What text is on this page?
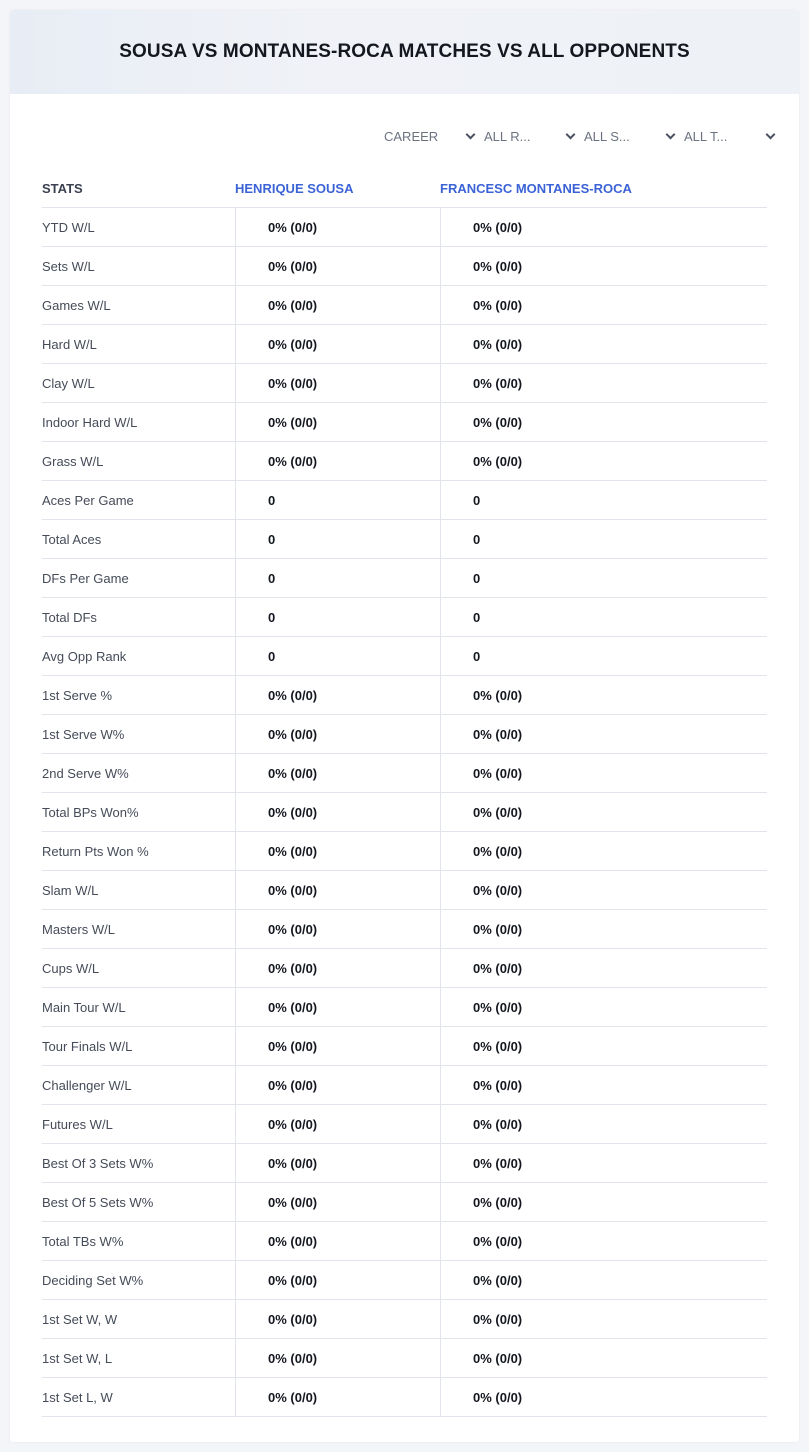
SOUSA VS MONTANES-ROCA MATCHES VS ALL OPPONENTS
CAREER	ALL R...	ALL S...	ALL T...
STATS	HENRIQUE SOUSA	FRANCESC MONTANES-ROCA
YTD W/L	0% (0/0)	0% (0/0)
Sets W/L	0% (0/0)	0% (0/0)
Games W/L	0% (0/0)	0% (0/0)
Hard W/L	0% (0/0)	0% (0/0)
Clay W/L	0% (0/0)	0% (0/0)
Indoor Hard W/L	0% (0/0)	0% (0/0)
Grass W/L	0% (0/0)	0% (0/0)
Aces Per Game	0	0
Total Aces	0	0
DFs Per Game	0	0
Total DFs	0	0
Avg Opp Rank	0	0
1st Serve %	0% (0/0)	0% (0/0)
1st Serve W%	0% (0/0)	0% (0/0)
2nd Serve W%	0% (0/0)	0% (0/0)
Total BPs Won%	0% (0/0)	0% (0/0)
Return Pts Won %	0% (0/0)	0% (0/0)
Slam W/L	0% (0/0)	0% (0/0)
Masters W/L	0% (0/0)	0% (0/0)
Cups W/L	0% (0/0)	0% (0/0)
Main Tour W/L	0% (0/0)	0% (0/0)
Tour Finals W/L	0% (0/0)	0% (0/0)
Challenger W/L	0% (0/0)	0% (0/0)
Futures W/L	0% (0/0)	0% (0/0)
Best Of 3 Sets W%	0% (0/0)	0% (0/0)
Best Of 5 Sets W%	0% (0/0)	0% (0/0)
Total TBs W%	0% (0/0)	0% (0/0)
Deciding Set W%	0% (0/0)	0% (0/0)
1st Set W, W	0% (0/0)	0% (0/0)
1st Set W, L	0% (0/0)	0% (0/0)
1st Set L, W	0% (0/0)	0% (0/0)
